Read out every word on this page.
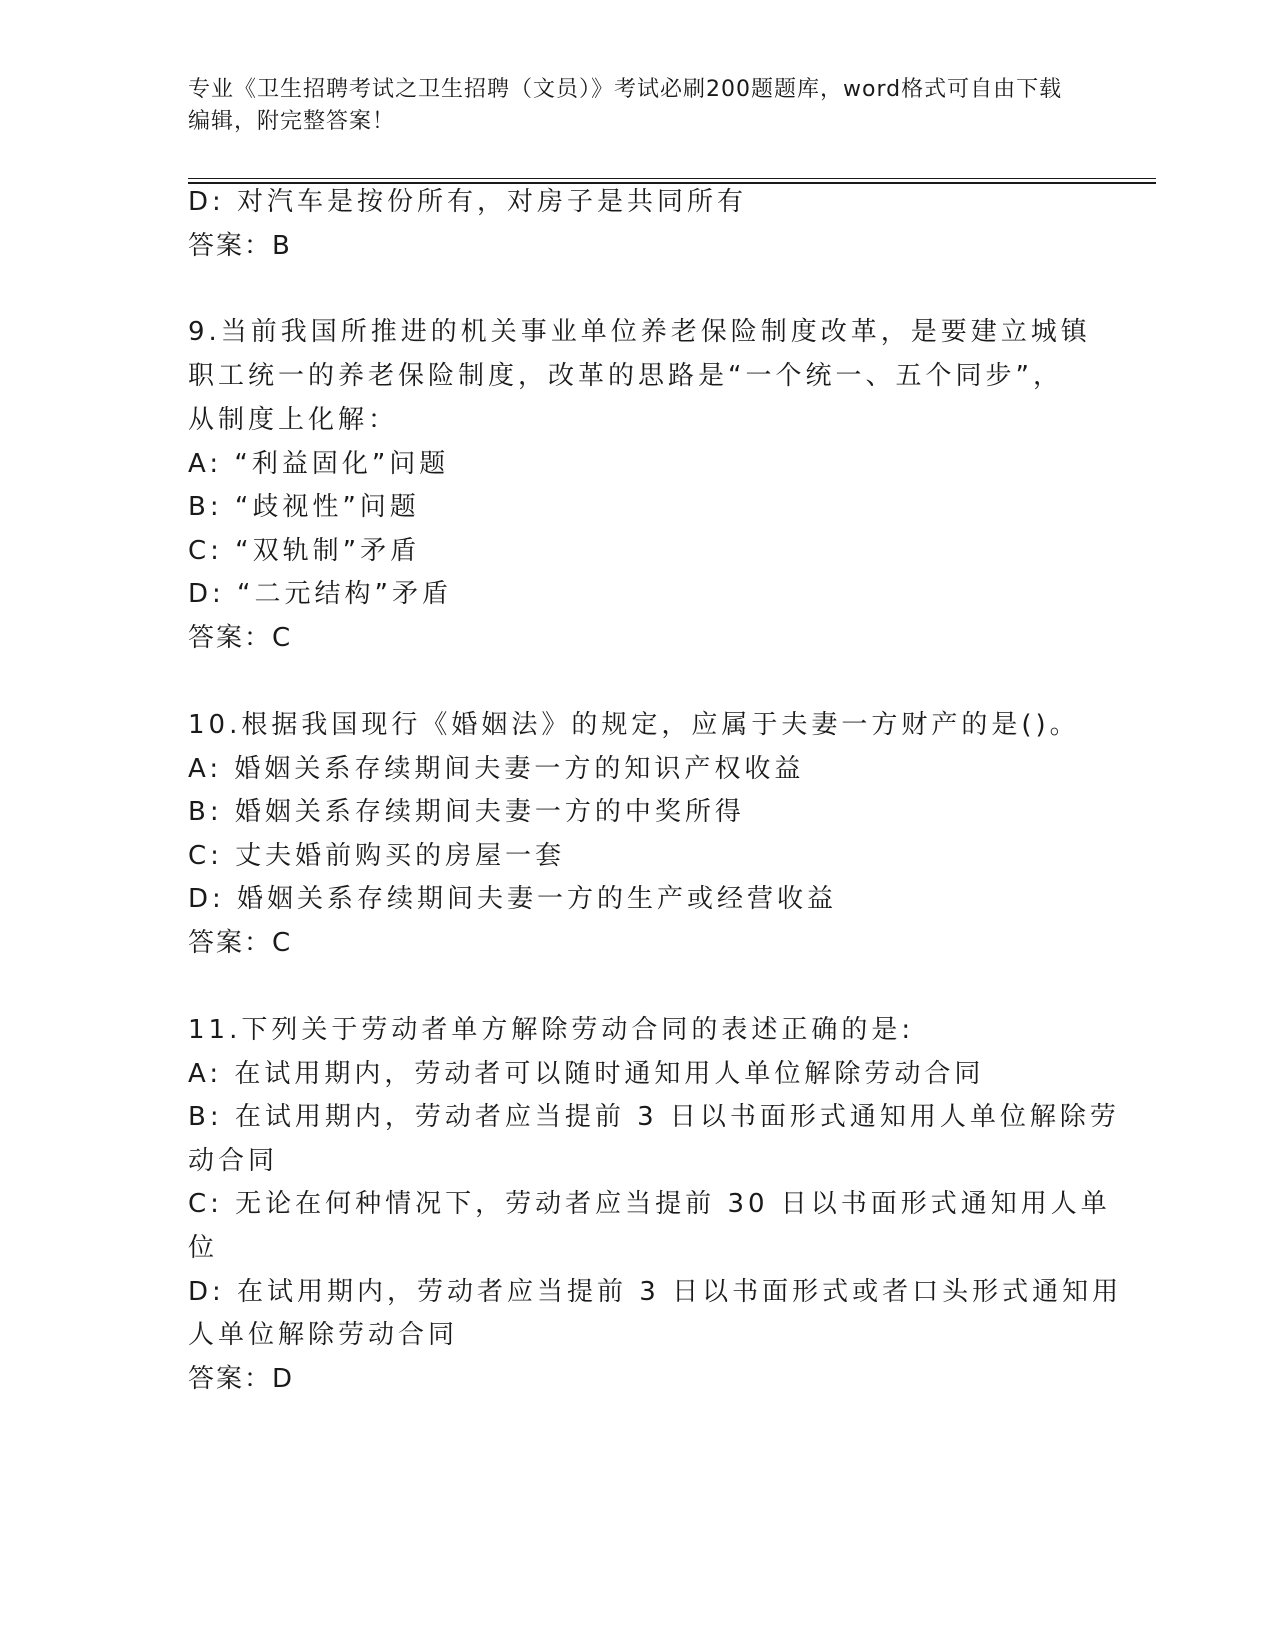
专业《卫生招聘考试之卫生招聘（文员）》考试必刷200题题库，word格式可自由下载编辑，附完整答案！
D: 对汽车是按份所有，对房子是共同所有
答案：B
9.当前我国所推进的机关事业单位养老保险制度改革，是要建立城镇
职工统一的养老保险制度，改革的思路是“一个统一、五个同步”，
从制度上化解：
A: “利益固化”问题
B: “歧视性”问题
C: “双轨制”矛盾
D: “二元结构”矛盾
答案：C
10.根据我国现行《婚姻法》的规定，应属于夫妻一方财产的是()。
A: 婚姻关系存续期间夫妻一方的知识产权收益
B: 婚姻关系存续期间夫妻一方的中奖所得
C: 丈夫婚前购买的房屋一套
D: 婚姻关系存续期间夫妻一方的生产或经营收益
答案：C
11.下列关于劳动者单方解除劳动合同的表述正确的是:
A: 在试用期内，劳动者可以随时通知用人单位解除劳动合同
B: 在试用期内，劳动者应当提前 3 日以书面形式通知用人单位解除劳
动合同
C: 无论在何种情况下，劳动者应当提前 30 日以书面形式通知用人单
位
D: 在试用期内，劳动者应当提前 3 日以书面形式或者口头形式通知用
人单位解除劳动合同
答案：D
